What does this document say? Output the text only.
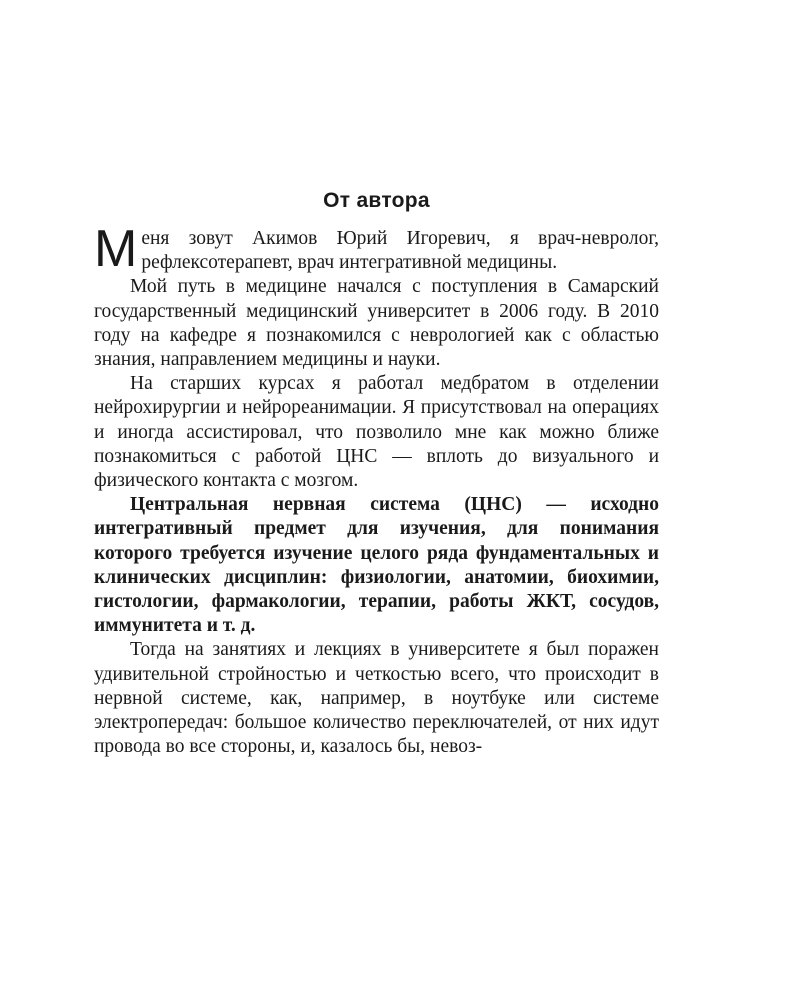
От автора

Меня зовут Акимов Юрий Игоревич, я врач-невролог, рефлексотерапевт, врач интегративной медицины.

Мой путь в медицине начался с поступления в Самарский государственный медицинский университет в 2006 году. В 2010 году на кафедре я познакомился с неврологией как с областью знания, направлением медицины и науки.

На старших курсах я работал медбратом в отделении нейрохирургии и нейрореанимации. Я присутствовал на операциях и иногда ассистировал, что позволило мне как можно ближе познакомиться с работой ЦНС — вплоть до визуального и физического контакта с мозгом.

Центральная нервная система (ЦНС) — исходно интегративный предмет для изучения, для понимания которого требуется изучение целого ряда фундаментальных и клинических дисциплин: физиологии, анатомии, биохимии, гистологии, фармакологии, терапии, работы ЖКТ, сосудов, иммунитета и т. д.

Тогда на занятиях и лекциях в университете я был поражен удивительной стройностью и четкостью всего, что происходит в нервной системе, как, например, в ноутбуке или системе электропередач: большое количество переключателей, от них идут провода во все стороны, и, казалось бы, невоз-
